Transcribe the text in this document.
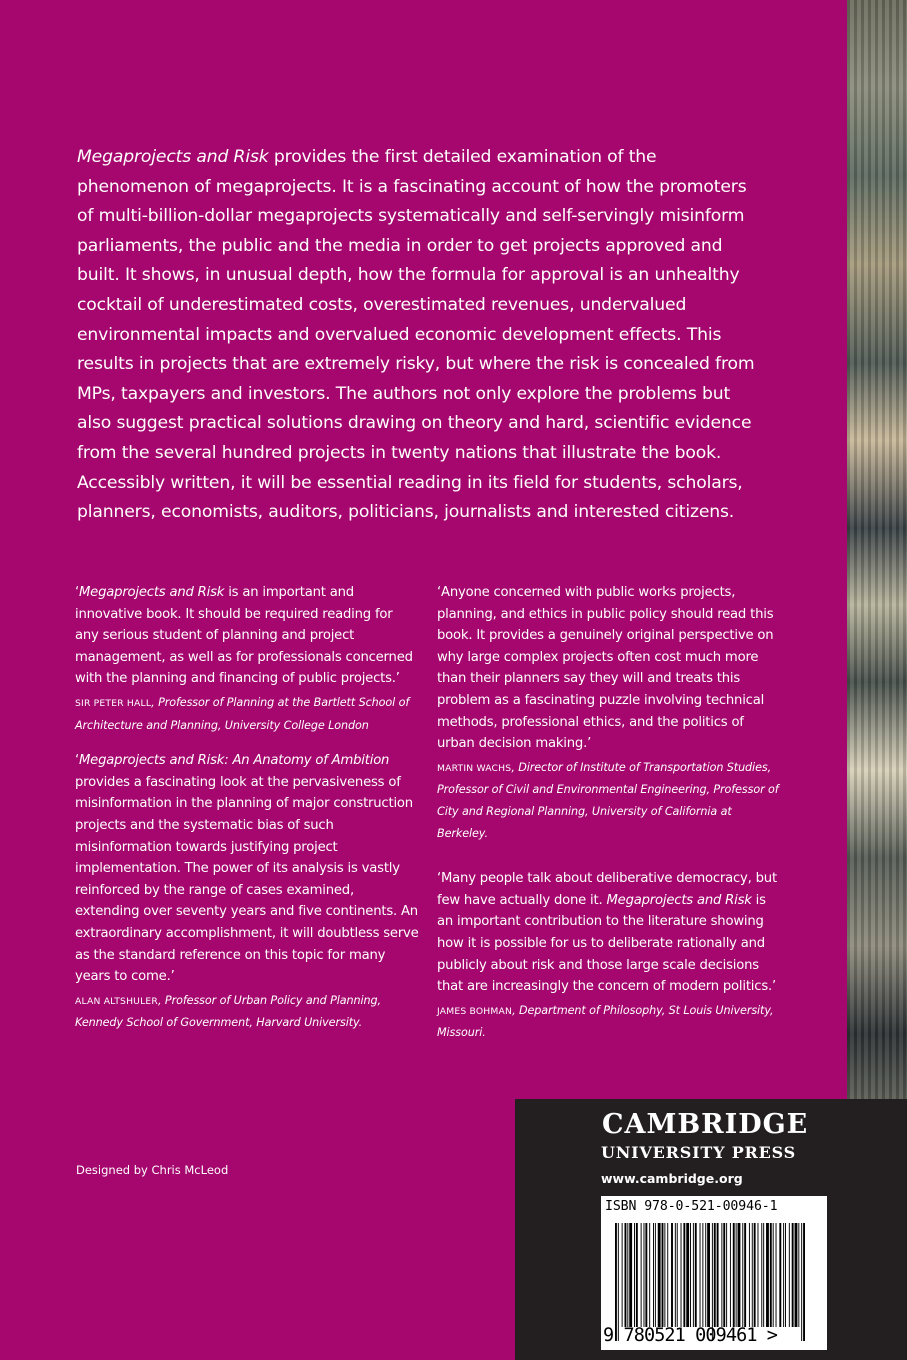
Megaprojects and Risk provides the first detailed examination of the phenomenon of megaprojects. It is a fascinating account of how the promoters of multi-billion-dollar megaprojects systematically and self-servingly misinform parliaments, the public and the media in order to get projects approved and built. It shows, in unusual depth, how the formula for approval is an unhealthy cocktail of underestimated costs, overestimated revenues, undervalued environmental impacts and overvalued economic development effects. This results in projects that are extremely risky, but where the risk is concealed from MPs, taxpayers and investors. The authors not only explore the problems but also suggest practical solutions drawing on theory and hard, scientific evidence from the several hundred projects in twenty nations that illustrate the book. Accessibly written, it will be essential reading in its field for students, scholars, planners, economists, auditors, politicians, journalists and interested citizens.

‘Megaprojects and Risk is an important and innovative book. It should be required reading for any serious student of planning and project management, as well as for professionals concerned with the planning and financing of public projects.’
SIR PETER HALL, Professor of Planning at the Bartlett School of Architecture and Planning, University College London
‘Megaprojects and Risk: An Anatomy of Ambition provides a fascinating look at the pervasiveness of misinformation in the planning of major construction projects and the systematic bias of such misinformation towards justifying project implementation. The power of its analysis is vastly reinforced by the range of cases examined, extending over seventy years and five continents. An extraordinary accomplishment, it will doubtless serve as the standard reference on this topic for many years to come.’
ALAN ALTSHULER, Professor of Urban Policy and Planning, Kennedy School of Government, Harvard University.
‘Anyone concerned with public works projects, planning, and ethics in public policy should read this book. It provides a genuinely original perspective on why large complex projects often cost much more than their planners say they will and treats this problem as a fascinating puzzle involving technical methods, professional ethics, and the politics of urban decision making.’
MARTIN WACHS, Director of Institute of Transportation Studies, Professor of Civil and Environmental Engineering, Professor of City and Regional Planning, University of California at Berkeley.
‘Many people talk about deliberative democracy, but few have actually done it. Megaprojects and Risk is an important contribution to the literature showing how it is possible for us to deliberate rationally and publicly about risk and those large scale decisions that are increasingly the concern of modern politics.’
JAMES BOHMAN, Department of Philosophy, St Louis University, Missouri.
Designed by Chris McLeod
CAMBRIDGE
UNIVERSITY PRESS
www.cambridge.org
ISBN 978-0-521-00946-1
9 780521 009461 >
